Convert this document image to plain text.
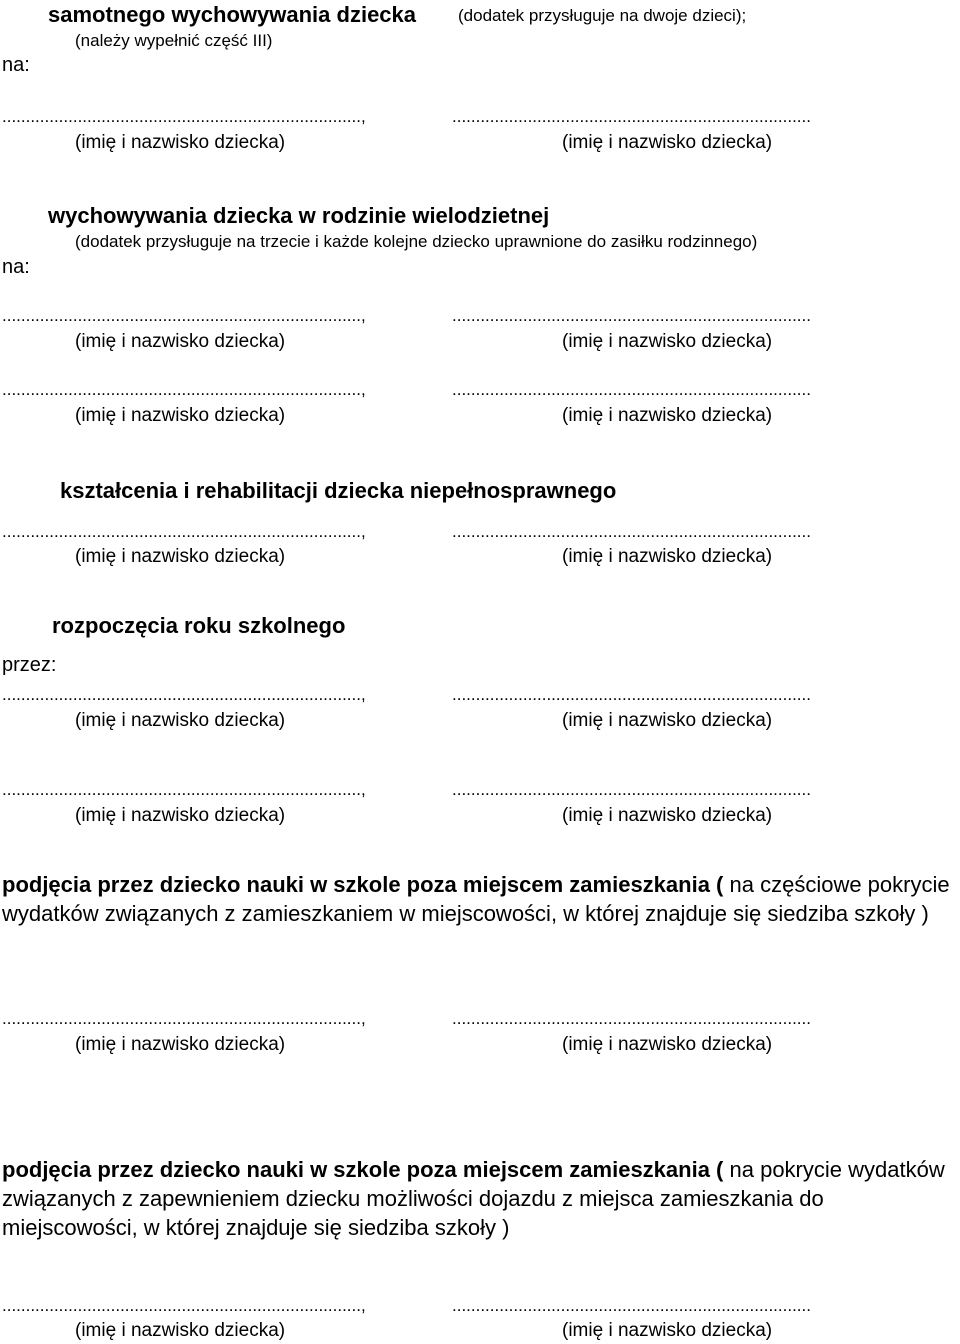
samotnego wychowywania dziecka (dodatek przysługuje na dwoje dzieci);
(należy wypełnić część III)
na:
............................................................................,	............................................................................
(imię i nazwisko dziecka)	(imię i nazwisko dziecka)
wychowywania dziecka w rodzinie wielodzietnej
(dodatek przysługuje na trzecie i każde kolejne dziecko uprawnione do zasiłku rodzinnego)
na:
............................................................................,	............................................................................
(imię i nazwisko dziecka)	(imię i nazwisko dziecka)
............................................................................,	............................................................................
(imię i nazwisko dziecka)	(imię i nazwisko dziecka)
kształcenia i rehabilitacji dziecka niepełnosprawnego
............................................................................,	............................................................................
(imię i nazwisko dziecka)	(imię i nazwisko dziecka)
rozpoczęcia roku szkolnego
przez:
............................................................................,	............................................................................
(imię i nazwisko dziecka)	(imię i nazwisko dziecka)
............................................................................,	............................................................................
(imię i nazwisko dziecka)	(imię i nazwisko dziecka)
podjęcia przez dziecko nauki w szkole poza miejscem zamieszkania ( na częściowe pokrycie wydatków związanych z zamieszkaniem w miejscowości, w której znajduje się siedziba szkoły )
............................................................................,	............................................................................
(imię i nazwisko dziecka)	(imię i nazwisko dziecka)
podjęcia przez dziecko nauki w szkole poza miejscem zamieszkania ( na pokrycie wydatków związanych z zapewnieniem dziecku możliwości dojazdu z miejsca zamieszkania do miejscowości, w której znajduje się siedziba szkoły )
............................................................................,	............................................................................
(imię i nazwisko dziecka)	(imię i nazwisko dziecka)
